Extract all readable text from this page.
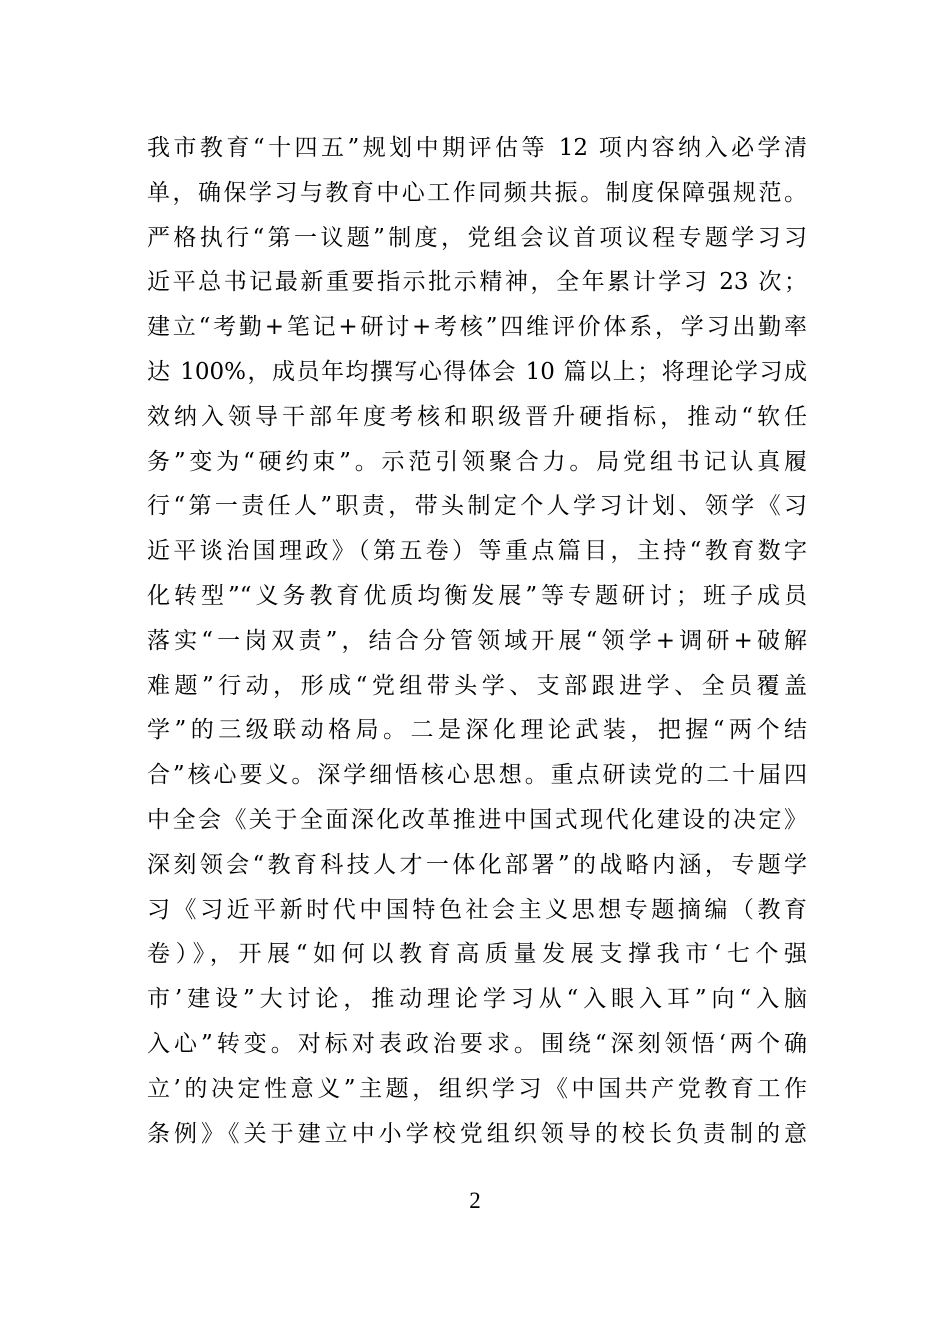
我市教育“十四五”规划中期评估等 12 项内容纳入必学清
单，确保学习与教育中心工作同频共振。制度保障强规范。
严格执行“第一议题”制度，党组会议首项议程专题学习习
近平总书记最新重要指示批示精神，全年累计学习 23 次；
建立“考勤+笔记+研讨+考核”四维评价体系，学习出勤率
达 100%，成员年均撰写心得体会 10 篇以上；将理论学习成
效纳入领导干部年度考核和职级晋升硬指标，推动“软任
务”变为“硬约束”。示范引领聚合力。局党组书记认真履
行“第一责任人”职责，带头制定个人学习计划、领学《习
近平谈治国理政》（第五卷）等重点篇目，主持“教育数字
化转型”“义务教育优质均衡发展”等专题研讨；班子成员
落实“一岗双责”，结合分管领域开展“领学+调研+破解
难题”行动，形成“党组带头学、支部跟进学、全员覆盖
学”的三级联动格局。二是深化理论武装，把握“两个结
合”核心要义。深学细悟核心思想。重点研读党的二十届四
中全会《关于全面深化改革推进中国式现代化建设的决定》
深刻领会“教育科技人才一体化部署”的战略内涵，专题学
习《习近平新时代中国特色社会主义思想专题摘编（教育
卷）》，开展“如何以教育高质量发展支撑我市‘七个强
市’建设”大讨论，推动理论学习从“入眼入耳”向“入脑
入心”转变。对标对表政治要求。围绕“深刻领悟‘两个确
立’的决定性意义”主题，组织学习《中国共产党教育工作
条例》《关于建立中小学校党组织领导的校长负责制的意
2
